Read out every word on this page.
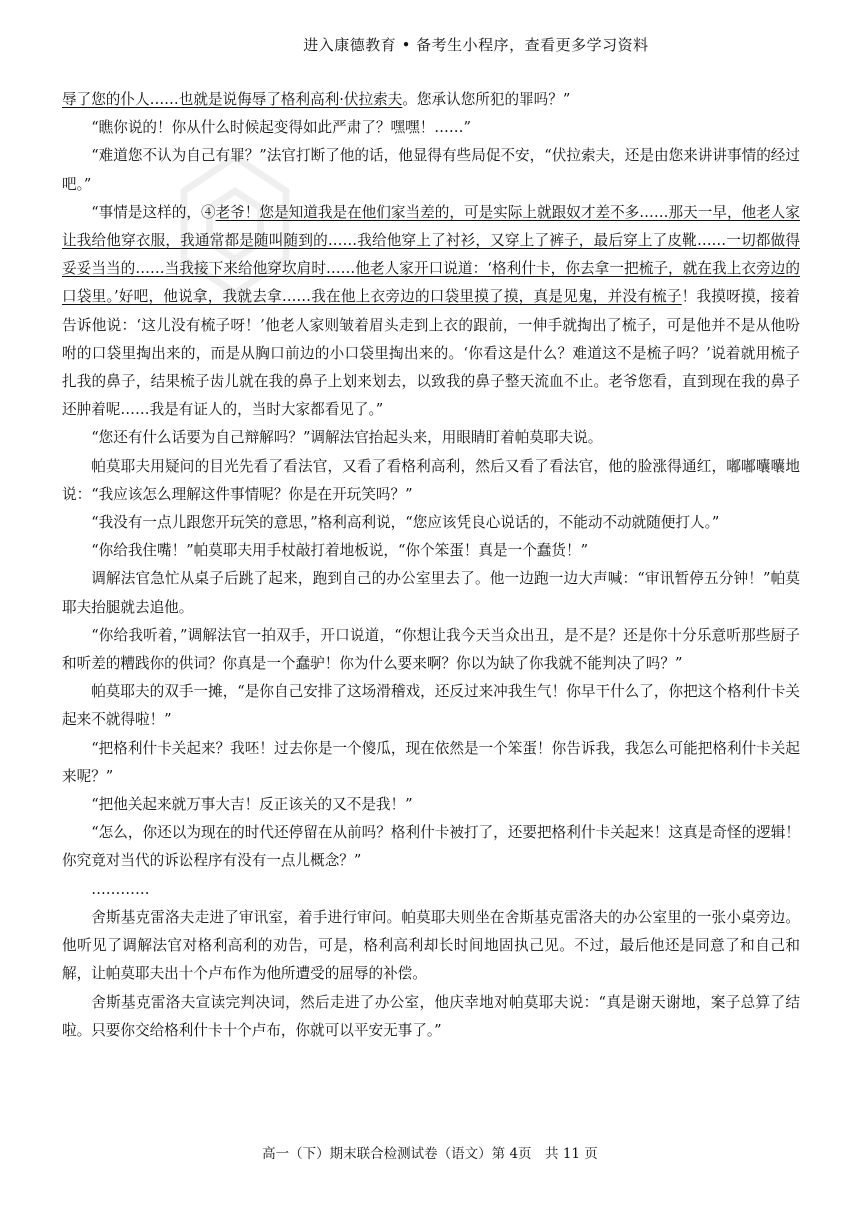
进入康德教育 • 备考生小程序，查看更多学习资料

辱了您的仆人……也就是说侮辱了格利高利·伏拉索夫。您承认您所犯的罪吗？”

“瞧你说的！你从什么时候起变得如此严肃了？嘿嘿！……”

“难道您不认为自己有罪？”法官打断了他的话，他显得有些局促不安，“伏拉索夫，还是由您来讲讲事情的经过吧。”

“事情是这样的，④老爷！您是知道我是在他们家当差的，可是实际上就跟奴才差不多……那天一早，他老人家让我给他穿衣服，我通常都是随叫随到的……我给他穿上了衬衫，又穿上了裤子，最后穿上了皮靴……一切都做得妥妥当当的……当我接下来给他穿坎肩时……他老人家开口说道：‘格利什卡，你去拿一把梳子，就在我上衣旁边的口袋里。’好吧，他说拿，我就去拿……我在他上衣旁边的口袋里摸了摸，真是见鬼，并没有梳子！我摸呀摸，接着告诉他说：‘这儿没有梳子呀！’他老人家则皱着眉头走到上衣的跟前，一伸手就掏出了梳子，可是他并不是从他吩咐的口袋里掏出来的，而是从胸口前边的小口袋里掏出来的。‘你看这是什么？难道这不是梳子吗？’说着就用梳子扎我的鼻子，结果梳子齿儿就在我的鼻子上划来划去，以致我的鼻子整天流血不止。老爷您看，直到现在我的鼻子还肿着呢……我是有证人的，当时大家都看见了。”

“您还有什么话要为自己辩解吗？”调解法官抬起头来，用眼睛盯着帕莫耶夫说。

帕莫耶夫用疑问的目光先看了看法官，又看了看格利高利，然后又看了看法官，他的脸涨得通红，嘟嘟囔囔地说：“我应该怎么理解这件事情呢？你是在开玩笑吗？”

“我没有一点儿跟您开玩笑的意思，”格利高利说，“您应该凭良心说话的，不能动不动就随便打人。”

“你给我住嘴！”帕莫耶夫用手杖敲打着地板说，“你个笨蛋！真是一个蠢货！”

调解法官急忙从桌子后跳了起来，跑到自己的办公室里去了。他一边跑一边大声喊：“审讯暂停五分钟！”帕莫耶夫抬腿就去追他。

“你给我听着，”调解法官一拍双手，开口说道，“你想让我今天当众出丑，是不是？还是你十分乐意听那些厨子和听差的糟践你的供词？你真是一个蠢驴！你为什么要来啊？你以为缺了你我就不能判决了吗？”

帕莫耶夫的双手一摊，“是你自己安排了这场滑稽戏，还反过来冲我生气！你早干什么了，你把这个格利什卡关起来不就得啦！”

“把格利什卡关起来？我呸！过去你是一个傻瓜，现在依然是一个笨蛋！你告诉我，我怎么可能把格利什卡关起来呢？”

“把他关起来就万事大吉！反正该关的又不是我！”

“怎么，你还以为现在的时代还停留在从前吗？格利什卡被打了，还要把格利什卡关起来！这真是奇怪的逻辑！你究竟对当代的诉讼程序有没有一点儿概念？”

…………

舍斯基克雷洛夫走进了审讯室，着手进行审问。帕莫耶夫则坐在舍斯基克雷洛夫的办公室里的一张小桌旁边。他听见了调解法官对格利高利的劝告，可是，格利高利却长时间地固执己见。不过，最后他还是同意了和自己和解，让帕莫耶夫出十个卢布作为他所遭受的屈辱的补偿。

舍斯基克雷洛夫宣读完判决词，然后走进了办公室，他庆幸地对帕莫耶夫说：“真是谢天谢地，案子总算了结啦。只要你交给格利什卡十个卢布，你就可以平安无事了。”

高一（下）期末联合检测试卷（语文）第 4页　共 11 页
